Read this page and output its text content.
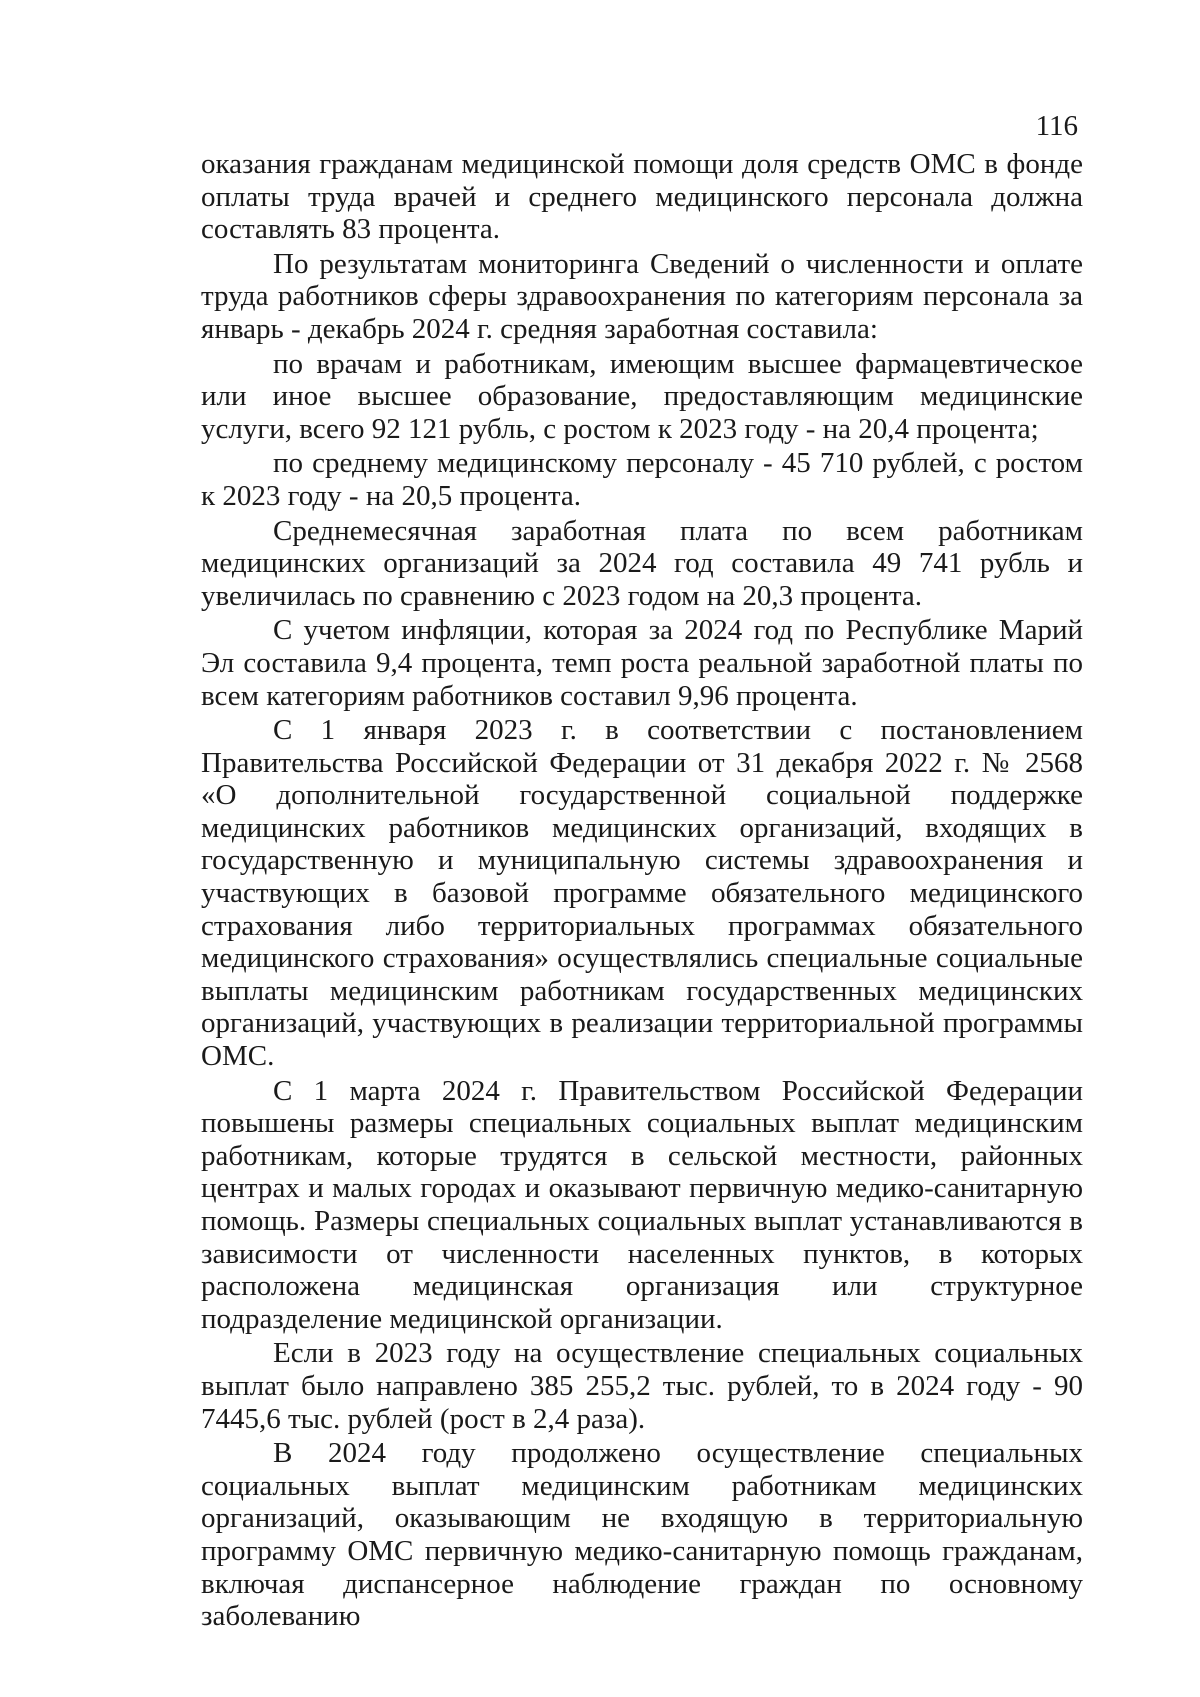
116

оказания гражданам медицинской помощи доля средств ОМС в фонде оплаты труда врачей и среднего медицинского персонала должна составлять 83 процента.

По результатам мониторинга Сведений о численности и оплате труда работников сферы здравоохранения по категориям персонала за январь - декабрь 2024 г. средняя заработная составила:

по врачам и работникам, имеющим высшее фармацевтическое или иное высшее образование, предоставляющим медицинские услуги, всего 92 121 рубль, с ростом к 2023 году - на 20,4 процента;

по среднему медицинскому персоналу - 45 710 рублей, с ростом к 2023 году - на 20,5 процента.

Среднемесячная заработная плата по всем работникам медицинских организаций за 2024 год составила 49 741 рубль и увеличилась по сравнению с 2023 годом на 20,3 процента.

С учетом инфляции, которая за 2024 год по Республике Марий Эл составила 9,4 процента, темп роста реальной заработной платы по всем категориям работников составил 9,96 процента.

С 1 января 2023 г. в соответствии с постановлением Правительства Российской Федерации от 31 декабря 2022 г. № 2568 «О дополнительной государственной социальной поддержке медицинских работников медицинских организаций, входящих в государственную и муниципальную системы здравоохранения и участвующих в базовой программе обязательного медицинского страхования либо территориальных программах обязательного медицинского страхования» осуществлялись специальные социальные выплаты медицинским работникам государственных медицинских организаций, участвующих в реализации территориальной программы ОМС.

С 1 марта 2024 г. Правительством Российской Федерации повышены размеры специальных социальных выплат медицинским работникам, которые трудятся в сельской местности, районных центрах и малых городах и оказывают первичную медико-санитарную помощь. Размеры специальных социальных выплат устанавливаются в зависимости от численности населенных пунктов, в которых расположена медицинская организация или структурное подразделение медицинской организации.

Если в 2023 году на осуществление специальных социальных выплат было направлено 385 255,2 тыс. рублей, то в 2024 году - 90 7445,6 тыс. рублей (рост в 2,4 раза).

В 2024 году продолжено осуществление специальных социальных выплат медицинским работникам медицинских организаций, оказывающим не входящую в территориальную программу ОМС первичную медико-санитарную помощь гражданам, включая диспансерное наблюдение граждан по основному заболеванию
